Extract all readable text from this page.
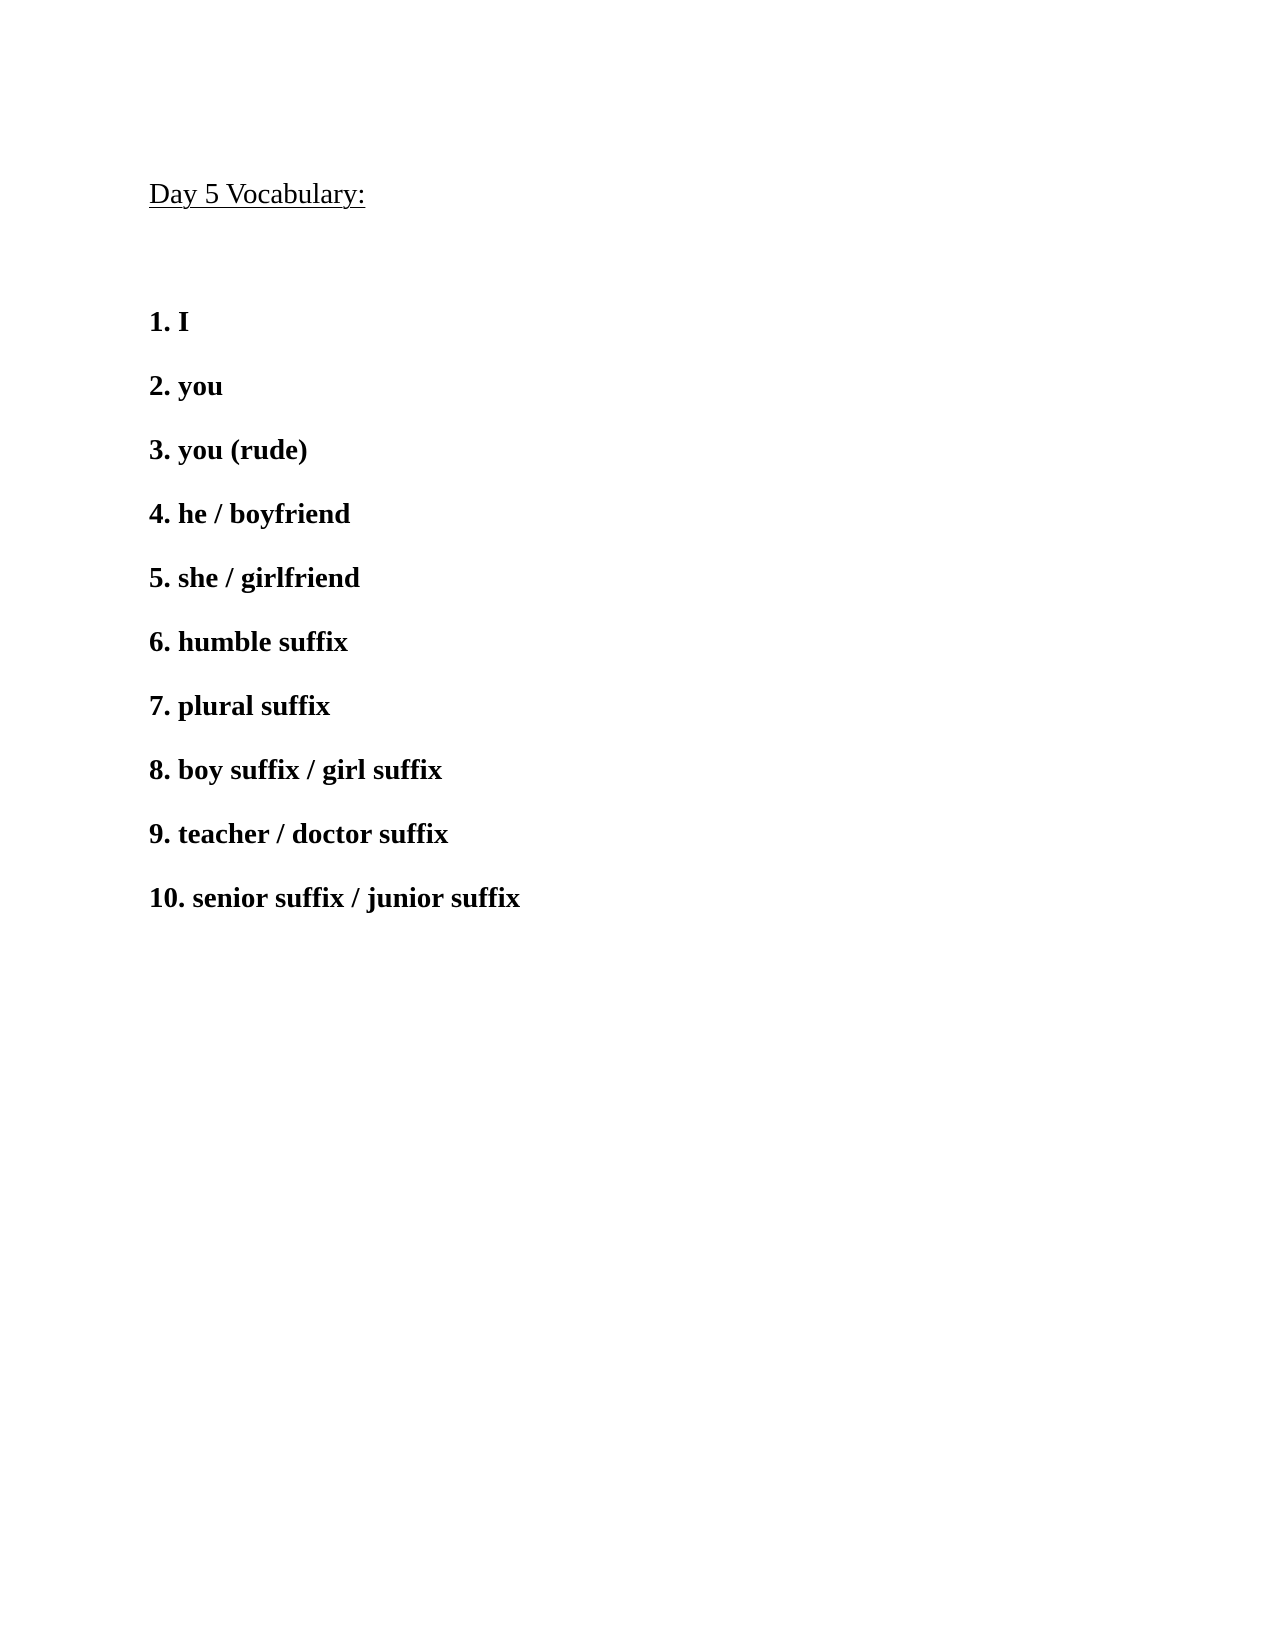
Day 5 Vocabulary:
1. I
2. you
3. you (rude)
4. he / boyfriend
5. she / girlfriend
6. humble suffix
7. plural suffix
8. boy suffix / girl suffix
9. teacher / doctor suffix
10. senior suffix / junior suffix
